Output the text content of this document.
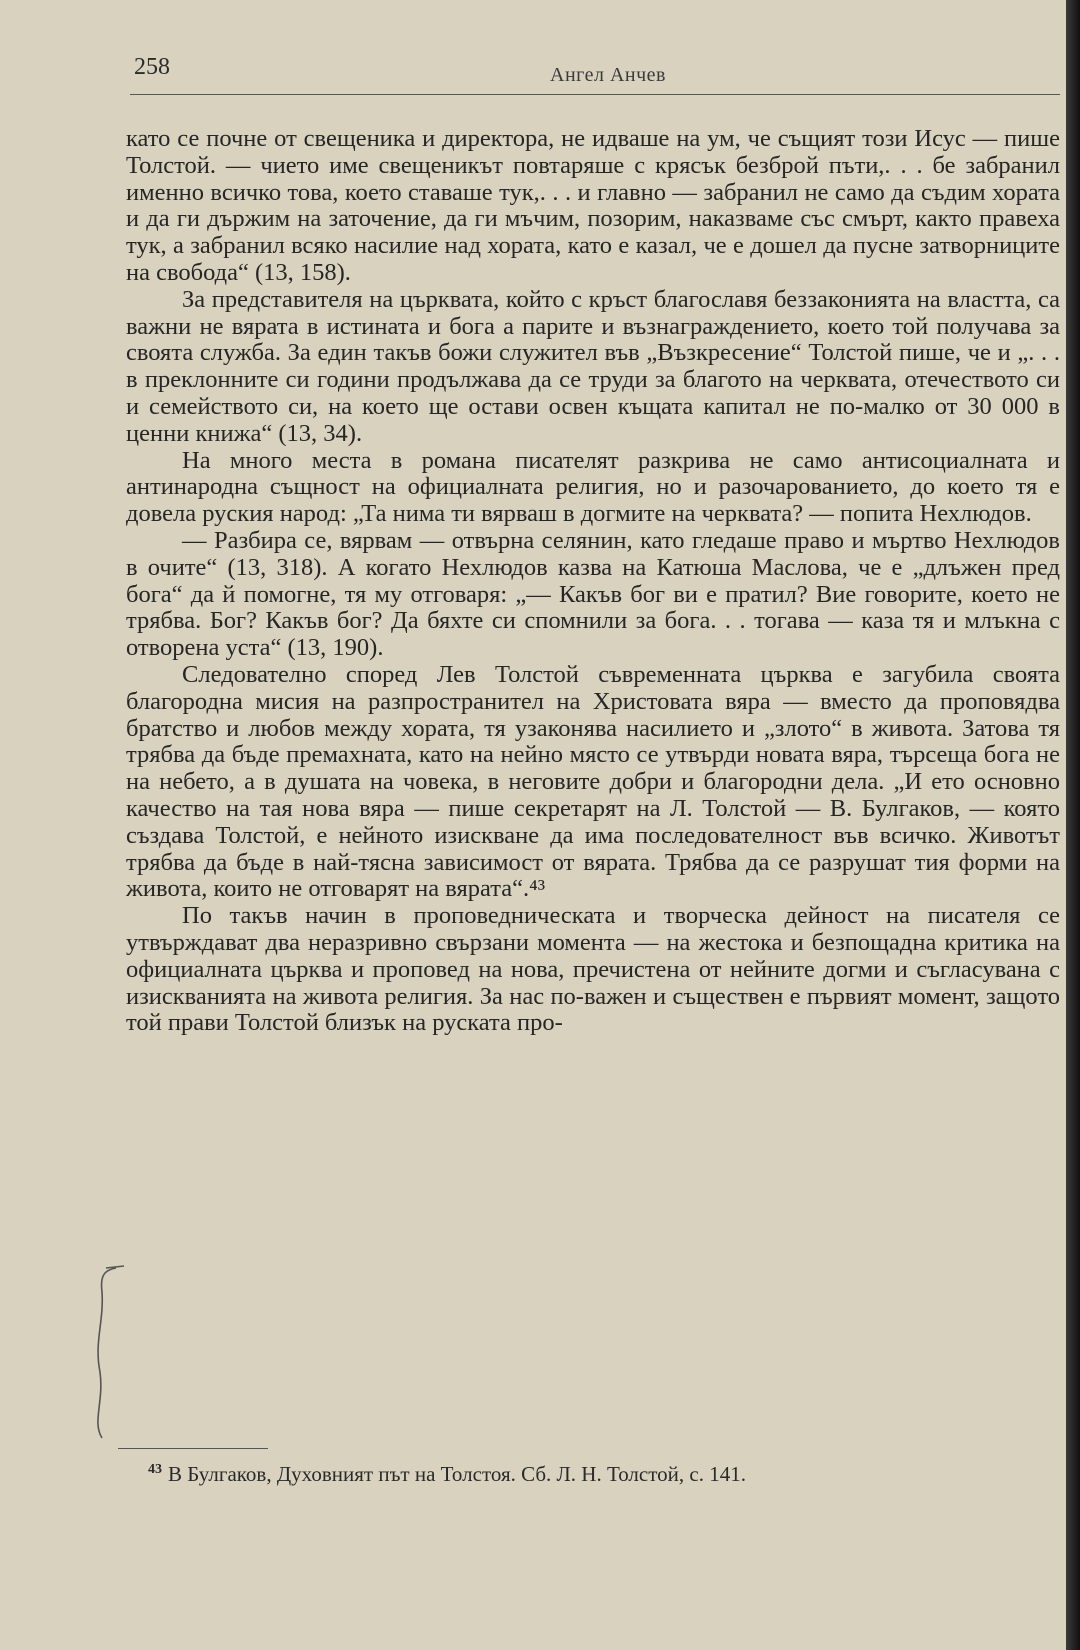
258	Ангел Анчев

като се почне от свещеника и директора, не идваше на ум, че същият този Исус — пише Толстой. — чието име свещеникът повтаряше с крясък безброй пъти,. . . бе забранил именно всичко това, което ставаше тук,. . . и главно — забранил не само да съдим хората и да ги държим на заточение, да ги мъчим, позорим, наказваме със смърт, както правеха тук, а забранил всяко насилие над хората, като е казал, че е дошел да пусне затворниците на свобода“ (13, 158).

За представителя на църквата, който с кръст благославя беззаконията на властта, са важни не вярата в истината и бога а парите и възнаграждението, което той получава за своята служба. За един такъв божи служител във „Възкресение“ Толстой пише, че и „. . . в преклонните си години продължава да се труди за благото на черквата, отечеството си и семейството си, на което ще остави освен къщата капитал не по-малко от 30 000 в ценни книжа“ (13, 34).

На много места в романа писателят разкрива не само антисоциалната и антинародна същност на официалната религия, но и разочарованието, до което тя е довела руския народ: „Та нима ти вярваш в догмите на черквата? — попита Нехлюдов.

— Разбира се, вярвам — отвърна селянин, като гледаше право и мъртво Нехлюдов в очите“ (13, 318). А когато Нехлюдов казва на Катюша Маслова, че е „длъжен пред бога“ да й помогне, тя му отговаря: „— Какъв бог ви е пратил? Вие говорите, което не трябва. Бог? Какъв бог? Да бяхте си спомнили за бога. . . тогава — каза тя и млъкна с отворена уста“ (13, 190).

Следователно според Лев Толстой съвременната църква е загубила своята благородна мисия на разпространител на Христовата вяра — вместо да проповядва братство и любов между хората, тя узаконява насилието и „злото“ в живота. Затова тя трябва да бъде премахната, като на нейно място се утвърди новата вяра, търсеща бога не на небето, а в душата на човека, в неговите добри и благородни дела. „И ето основно качество на тая нова вяра — пише секретарят на Л. Толстой — В. Булгаков, — която създава Толстой, е нейното изискване да има последователност във всичко. Животът трябва да бъде в най-тясна зависимост от вярата. Трябва да се разрушат тия форми на живота, които не отговарят на вярата“.⁴³

По такъв начин в проповедническата и творческа дейност на писателя се утвърждават два неразривно свързани момента — на жестока и безпощадна критика на официалната църква и проповед на нова, пречистена от нейните догми и съгласувана с изискванията на живота религия. За нас по-важен и съществен е първият момент, защото той прави Толстой близък на руската про-

$^{43}$ В Булгаков, Духовният път на Толстоя. Сб. Л. Н. Толстой, с. 141.
